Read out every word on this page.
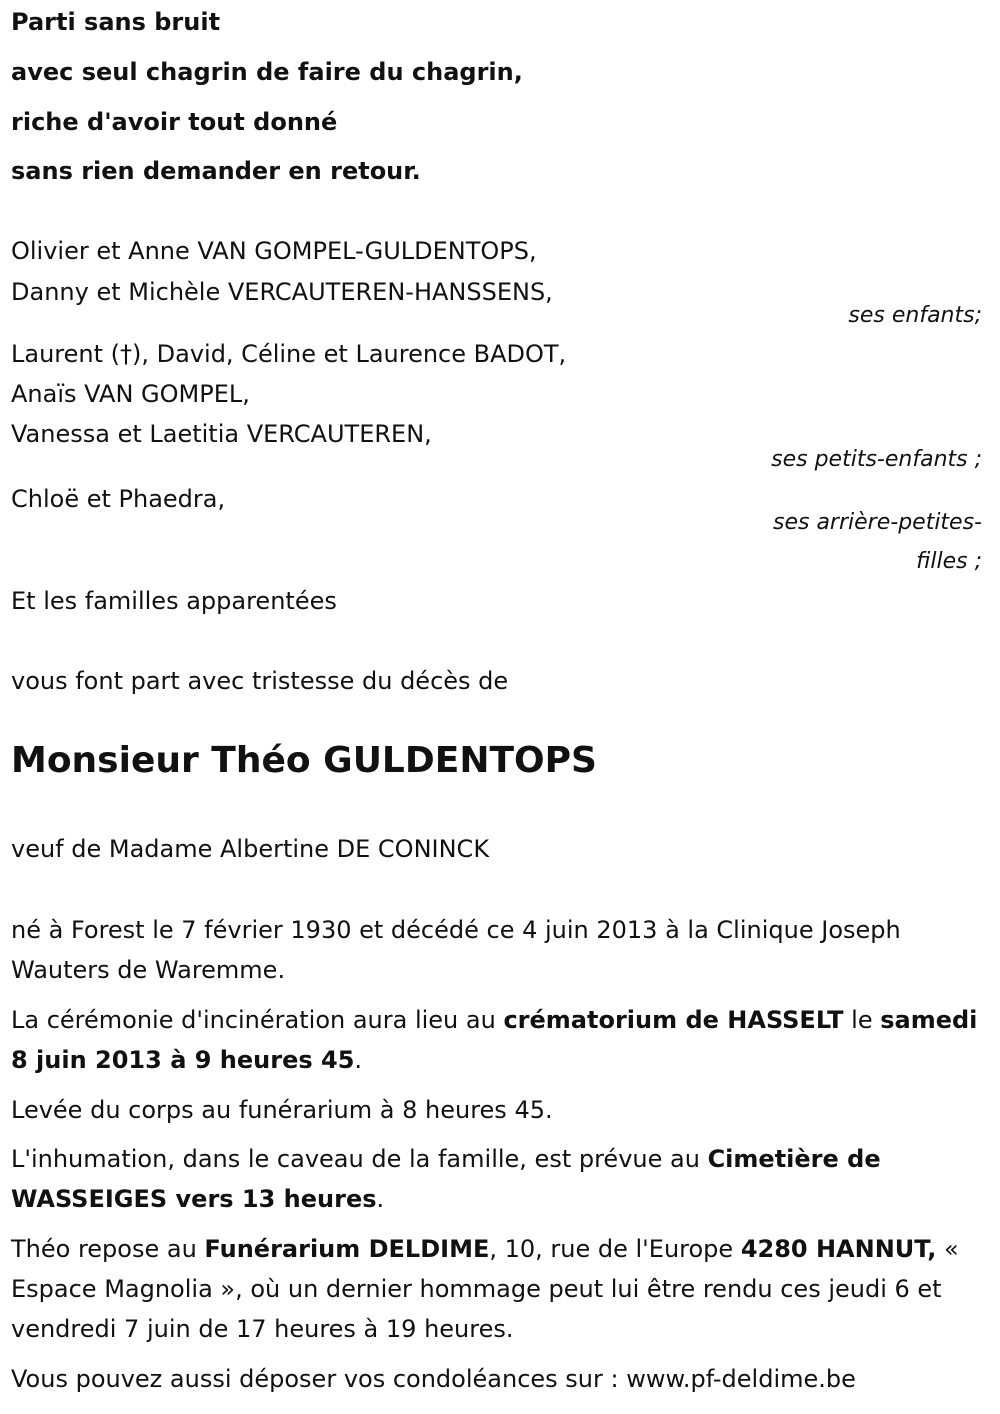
Parti sans bruit
avec seul chagrin de faire du chagrin,
riche d'avoir tout donné
sans rien demander en retour.
Olivier et Anne VAN GOMPEL-GULDENTOPS,
Danny et Michèle VERCAUTEREN-HANSSENS,
ses enfants;
Laurent (†), David, Céline et Laurence BADOT,
Anaïs VAN GOMPEL,
Vanessa et Laetitia VERCAUTEREN,
ses petits-enfants ;
Chloë et Phaedra,
ses arrière-petites-
filles ;
Et les familles apparentées
vous font part avec tristesse du décès de
Monsieur Théo GULDENTOPS
veuf de Madame Albertine DE CONINCK
né à Forest le 7 février 1930 et décédé ce 4 juin 2013 à la Clinique Joseph Wauters de Waremme.
La cérémonie d'incinération aura lieu au crématorium de HASSELT le samedi 8 juin 2013 à 9 heures 45.
Levée du corps au funérarium à 8 heures 45.
L'inhumation, dans le caveau de la famille, est prévue au Cimetière de WASSEIGES vers 13 heures.
Théo repose au Funérarium DELDIME, 10, rue de l'Europe 4280 HANNUT, « Espace Magnolia », où un dernier hommage peut lui être rendu ces jeudi 6 et vendredi 7 juin de 17 heures à 19 heures.
Vous pouvez aussi déposer vos condoléances sur : www.pf-deldime.be
